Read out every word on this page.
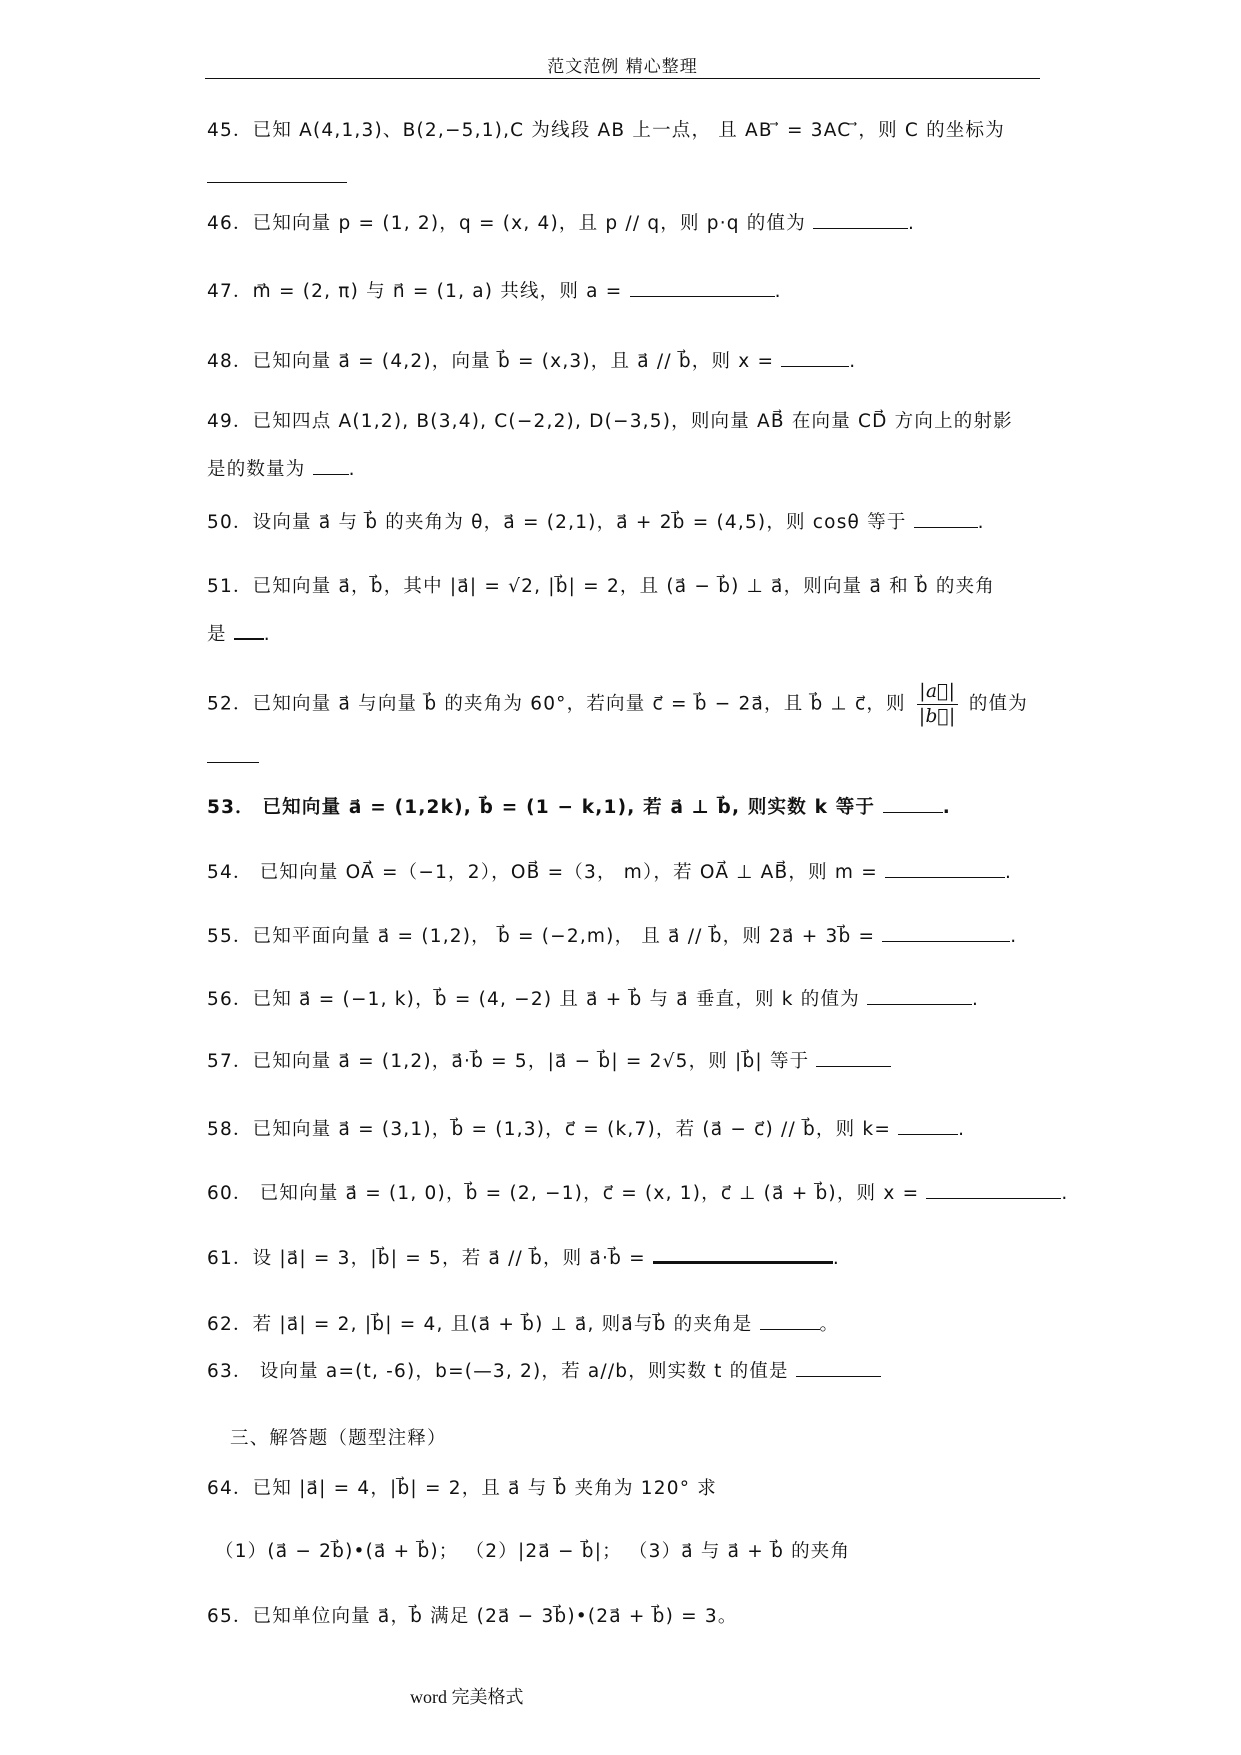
范文范例 精心整理
45．已知 A(4,1,3)、B(2,−5,1),C 为线段 AB 上一点， 且 AB ⃗ = 3AC ⃗，则 C 的坐标为
46．已知向量 p = (1, 2)，q = (x, 4)，且 p // q，则 p·q 的值为	.
47．m⃗ = (2, π) 与 n⃗ = (1, a) 共线，则 a =	.
48．已知向量 a⃗ = (4,2)，向量 b⃗ = (x,3)，且 a⃗ // b⃗，则 x =	.
49．已知四点 A(1,2), B(3,4), C(−2,2), D(−3,5)，则向量 AB⃗ 在向量 CD⃗ 方向上的射影
是的数量为 .
50．设向量 a⃗ 与 b⃗ 的夹角为 θ，a⃗ = (2,1)，a⃗ + 2b⃗ = (4,5)，则 cosθ 等于	.
51．已知向量 a⃗，b⃗，其中 |a⃗| = √2, |b⃗| = 2，且 (a⃗ − b⃗) ⊥ a⃗，则向量 a⃗ 和 b⃗ 的夹角
是 .
52．已知向量 a⃗ 与向量 b⃗ 的夹角为 60°，若向量 c⃗ = b⃗ − 2a⃗，且 b⃗ ⊥ c⃗，则 $\frac{|a⃗|}{|b⃗|}$ 的值为
53． 已知向量 a⃗ = (1,2k), b⃗ = (1 − k,1), 若 a⃗ ⊥ b⃗, 则实数 k 等于	.
54． 已知向量 OA⃗ =（−1，2），OB⃗ =（3， m），若 OA⃗ ⊥ AB⃗，则 m =	.
55．已知平面向量 a⃗ = (1,2)， b⃗ = (−2,m)， 且 a⃗ // b⃗，则 2a⃗ + 3b⃗ =	.
56．已知 a⃗ = (−1, k)，b⃗ = (4, −2) 且 a⃗ + b⃗ 与 a⃗ 垂直，则 k 的值为	.
57．已知向量 a⃗ = (1,2)，a⃗·b⃗ = 5，|a⃗ − b⃗| = 2√5，则 |b⃗| 等于
58．已知向量 a⃗ = (3,1)，b⃗ = (1,3)，c⃗ = (k,7)，若 (a⃗ − c⃗) // b⃗，则 k=	.
60． 已知向量 a⃗ = (1, 0)，b⃗ = (2, −1)，c⃗ = (x, 1)，c⃗ ⊥ (a⃗ + b⃗)，则 x =	.
61．设 |a⃗| = 3，|b⃗| = 5，若 a⃗ // b⃗，则 a⃗·b⃗ =	.
62．若 |a⃗| = 2, |b⃗| = 4, 且(a⃗ + b⃗) ⊥ a⃗, 则a⃗与b⃗ 的夹角是	。
63． 设向量 a=(t, -6)，b=(—3, 2)，若 a//b，则实数 t 的值是
三、解答题（题型注释）
64．已知 |a⃗| = 4，|b⃗| = 2，且 a⃗ 与 b⃗ 夹角为 120° 求
（1）(a⃗ − 2b⃗)•(a⃗ + b⃗)； （2）|2a⃗ − b⃗|； （3）a⃗ 与 a⃗ + b⃗ 的夹角
65．已知单位向量 a⃗，b⃗ 满足 (2a⃗ − 3b⃗)•(2a⃗ + b⃗) = 3。
word 完美格式
